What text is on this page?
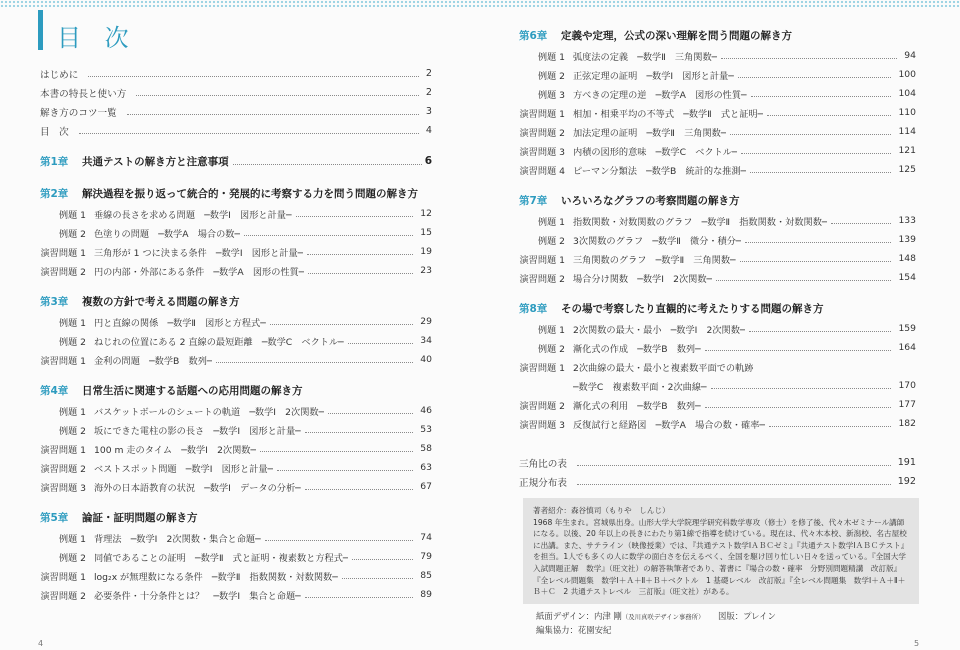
目 次
はじめに	2
本書の特長と使い方	2
解き方のコツ一覧	3
目　次	4
第1章	共通テストの解き方と注意事項	6
第2章	解決過程を振り返って統合的・発展的に考察する力を問う問題の解き方
例題 1 垂線の長さを求める問題　─数学Ⅰ　図形と計量─	12
例題 2 色塗りの問題　─数学A　場合の数─	15
演習問題 1 三角形が 1 つに決まる条件　─数学Ⅰ　図形と計量─	19
演習問題 2 円の内部・外部にある条件　─数学A　図形の性質─	23
第3章	複数の方針で考える問題の解き方
例題 1 円と直線の関係　─数学Ⅱ　図形と方程式─	29
例題 2 ねじれの位置にある 2 直線の最短距離　─数学C　ベクトル─	34
演習問題 1 金利の問題　─数学B　数列─	40
第4章	日常生活に関連する話題への応用問題の解き方
例題 1 バスケットボールのシュートの軌道　─数学Ⅰ　2次関数─	46
例題 2 坂にできた電柱の影の長さ　─数学Ⅰ　図形と計量─	53
演習問題 1 100 m 走のタイム　─数学Ⅰ　2次関数─	58
演習問題 2 ベストスポット問題　─数学Ⅰ　図形と計量─	63
演習問題 3 海外の日本語教育の状況　─数学Ⅰ　データの分析─	67
第5章	論証・証明問題の解き方
例題 1 背理法　─数学Ⅰ　2次関数・集合と命題─	74
例題 2 同値であることの証明　─数学Ⅱ　式と証明・複素数と方程式─	79
演習問題 1 log₂x が無理数になる条件　─数学Ⅱ　指数関数・対数関数─	85
演習問題 2 必要条件・十分条件とは？　─数学Ⅰ　集合と命題─	89
第6章	定義や定理，公式の深い理解を問う問題の解き方
例題 1 弧度法の定義　─数学Ⅱ　三角関数─	94
例題 2 正弦定理の証明　─数学Ⅰ　図形と計量─	100
例題 3 方べきの定理の逆　─数学A　図形の性質─	104
演習問題 1 相加・相乗平均の不等式　─数学Ⅱ　式と証明─	110
演習問題 2 加法定理の証明　─数学Ⅱ　三角関数─	114
演習問題 3 内積の図形的意味　─数学C　ベクトル─	121
演習問題 4 ピーマン分類法　─数学B　統計的な推測─	125
第7章	いろいろなグラフの考察問題の解き方
例題 1 指数関数・対数関数のグラフ　─数学Ⅱ　指数関数・対数関数─	133
例題 2 3次関数のグラフ　─数学Ⅱ　微分・積分─	139
演習問題 1 三角関数のグラフ　─数学Ⅱ　三角関数─	148
演習問題 2 場合分け関数　─数学Ⅰ　2次関数─	154
第8章	その場で考察したり直観的に考えたりする問題の解き方
例題 1 2次関数の最大・最小　─数学Ⅰ　2次関数─	159
例題 2 漸化式の作成　─数学B　数列─	164
演習問題 1 2次曲線の最大・最小と複素数平面での軌跡
─数学C　複素数平面・2次曲線─	170
演習問題 2 漸化式の利用　─数学B　数列─	177
演習問題 3 反復試行と経路図　─数学A　場合の数・確率─	182
三角比の表	191
正規分布表	192

著者紹介：森谷慎司（もりや　しんじ）

1968 年生まれ。宮城県出身。山形大学大学院理学研究科数学専攻（修士）を修了後、代々木ゼミナール講師になる。以後、20 年以上の長きにわたり第1線で指導を続けている。現在は、代々木本校、新潟校、名古屋校に出講。また、サテライン（映像授業）では、『共通テスト数学ⅠＡＢＣゼミ』『共通テスト数学ⅠＡＢＣテスト』を担当。1人でも多くの人に数学の面白さを伝えるべく、全国を駆け回り忙しい日々を送っている。『全国大学入試問題正解　数学』（旺文社）の解答執筆者であり、著書に『場合の数・確率　分野別問題精講　改訂版』『全レベル問題集　数学Ⅰ＋Ａ＋Ⅱ＋Ｂ＋ベクトル　1 基礎レベル　改訂版』『全レベル問題集　数学Ⅰ＋Ａ＋Ⅱ＋Ｂ＋Ｃ　2 共通テストレベル　三訂版』（旺文社）がある。

紙面デザイン：内津 剛（及川真咲デザイン事務所）　　 図版：プレイン
編集協力：花園安紀
4	5
